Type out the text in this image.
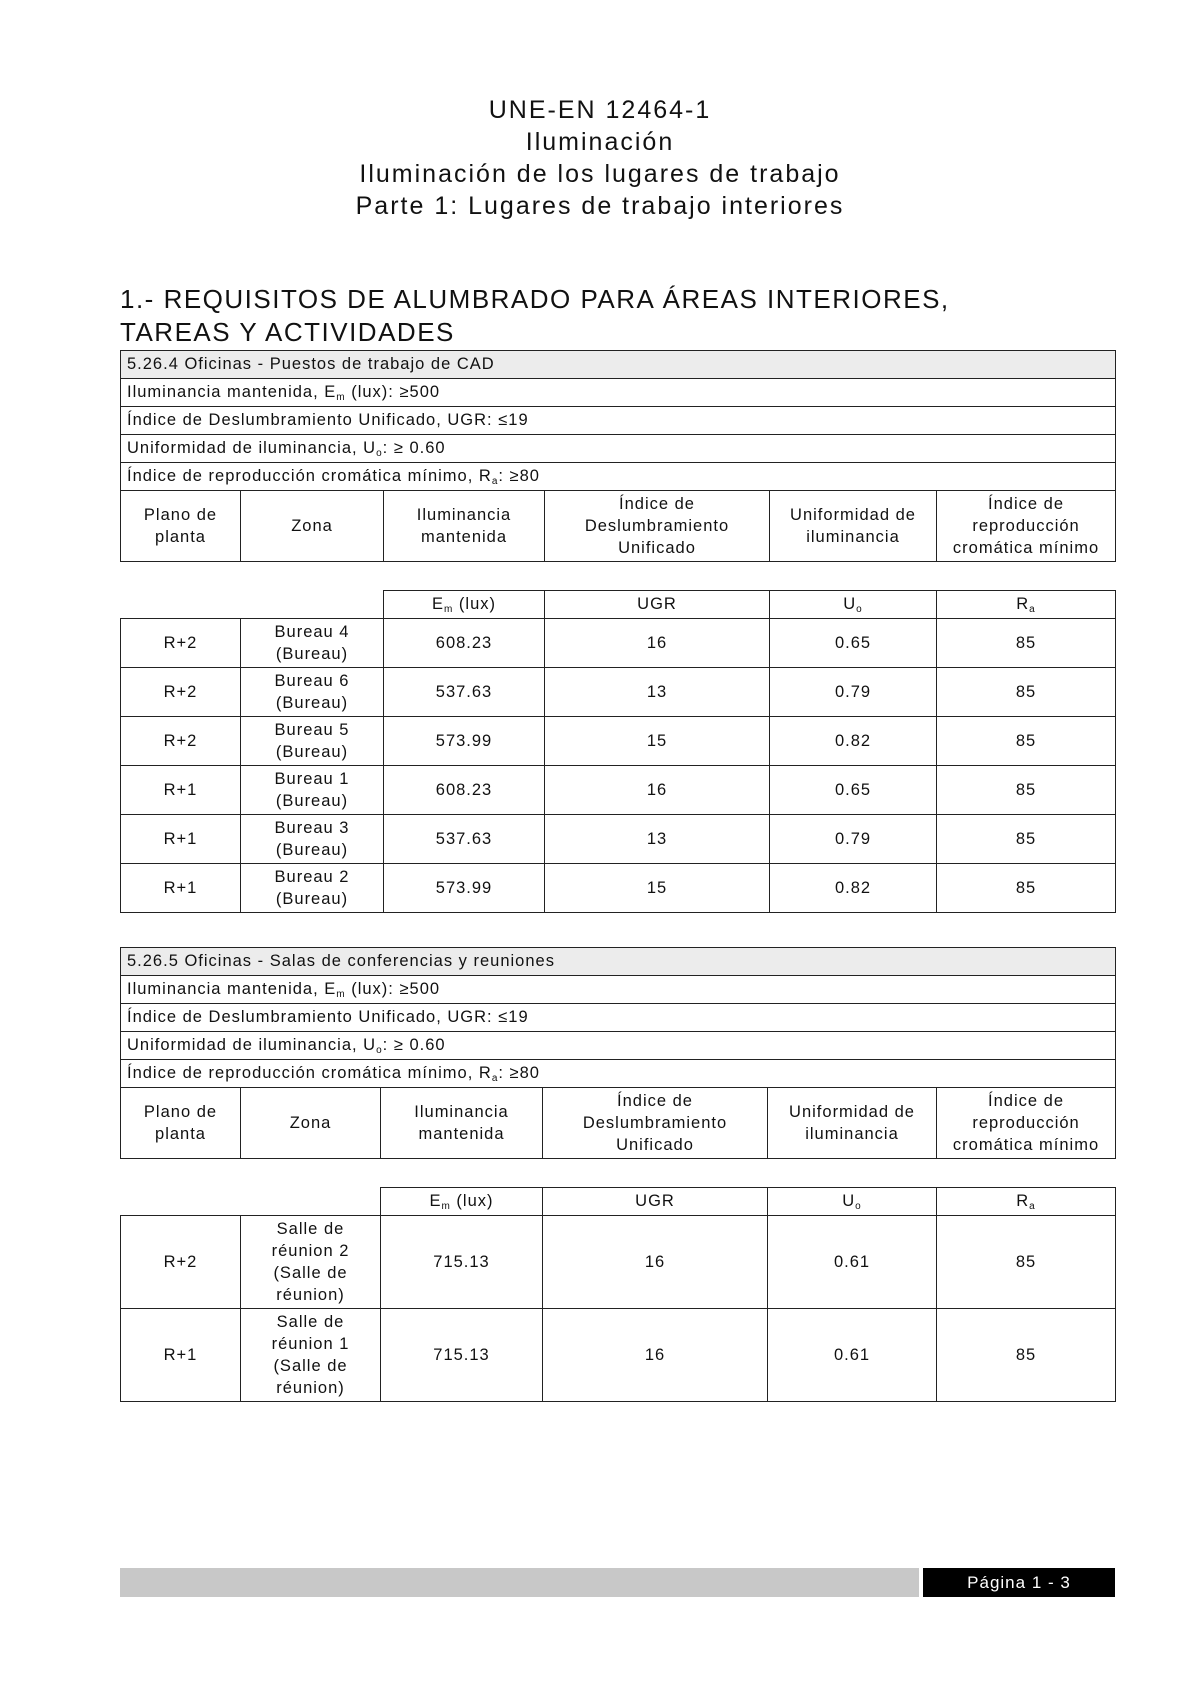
UNE-EN 12464-1
Iluminación
Iluminación de los lugares de trabajo
Parte 1: Lugares de trabajo interiores
1.- REQUISITOS DE ALUMBRADO PARA ÁREAS INTERIORES,
TAREAS Y ACTIVIDADES
5.26.4 Oficinas - Puestos de trabajo de CAD
Iluminancia mantenida, $E_m$ (lux): ≥500
Índice de Deslumbramiento Unificado, UGR: ≤19
Uniformidad de iluminancia, $U_o$: ≥ 0.60
Índice de reproducción cromática mínimo, $R_a$: ≥80
Plano de planta	Zona	Iluminancia mantenida	Índice de Deslumbramiento Unificado	Uniformidad de iluminancia	Índice de reproducción cromática mínimo
		$E_m$ (lux)	UGR	$U_o$	$R_a$
R+2	Bureau 4 (Bureau)	608.23	16	0.65	85
R+2	Bureau 6 (Bureau)	537.63	13	0.79	85
R+2	Bureau 5 (Bureau)	573.99	15	0.82	85
R+1	Bureau 1 (Bureau)	608.23	16	0.65	85
R+1	Bureau 3 (Bureau)	537.63	13	0.79	85
R+1	Bureau 2 (Bureau)	573.99	15	0.82	85
5.26.5 Oficinas - Salas de conferencias y reuniones
Iluminancia mantenida, $E_m$ (lux): ≥500
Índice de Deslumbramiento Unificado, UGR: ≤19
Uniformidad de iluminancia, $U_o$: ≥ 0.60
Índice de reproducción cromática mínimo, $R_a$: ≥80
Plano de planta	Zona	Iluminancia mantenida	Índice de Deslumbramiento Unificado	Uniformidad de iluminancia	Índice de reproducción cromática mínimo
		$E_m$ (lux)	UGR	$U_o$	$R_a$
R+2	Salle de réunion 2 (Salle de réunion)	715.13	16	0.61	85
R+1	Salle de réunion 1 (Salle de réunion)	715.13	16	0.61	85
Página 1 - 3
